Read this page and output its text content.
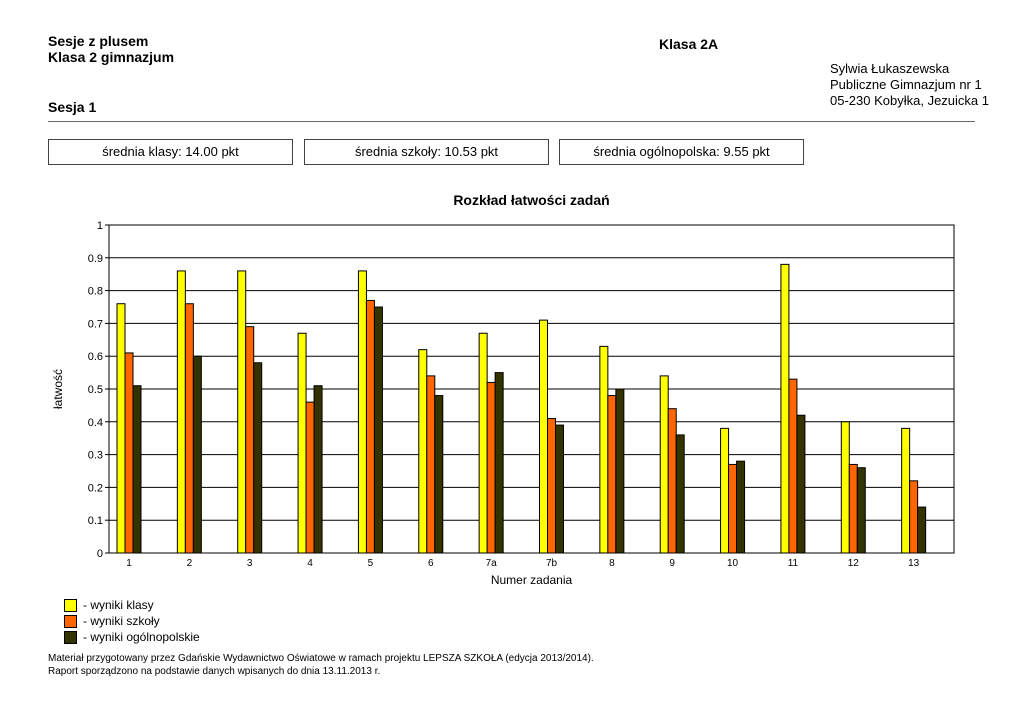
Sesje z plusem
Klasa 2 gimnazjum
Sesja 1
Klasa 2A
Sylwia Łukaszewska
Publiczne Gimnazjum nr 1
05-230 Kobyłka, Jezuicka 1
średnia klasy: 14.00 pkt	średnia szkoły: 10.53 pkt	średnia ogólnopolska: 9.55 pkt
Rozkład łatwości zadań
0
0.1
0.2
0.3
0.4
0.5
0.6
0.7
0.8
0.9
1
1	2	3	4	5	6	7a	7b	8	9	10	11	12	13
Numer zadania
łatwość
- wyniki klasy
- wyniki szkoły
- wyniki ogólnopolskie
Materiał przygotowany przez Gdańskie Wydawnictwo Oświatowe w ramach projektu LEPSZA SZKOŁA (edycja 2013/2014).
Raport sporządzono na podstawie danych wpisanych do dnia 13.11.2013 r.
